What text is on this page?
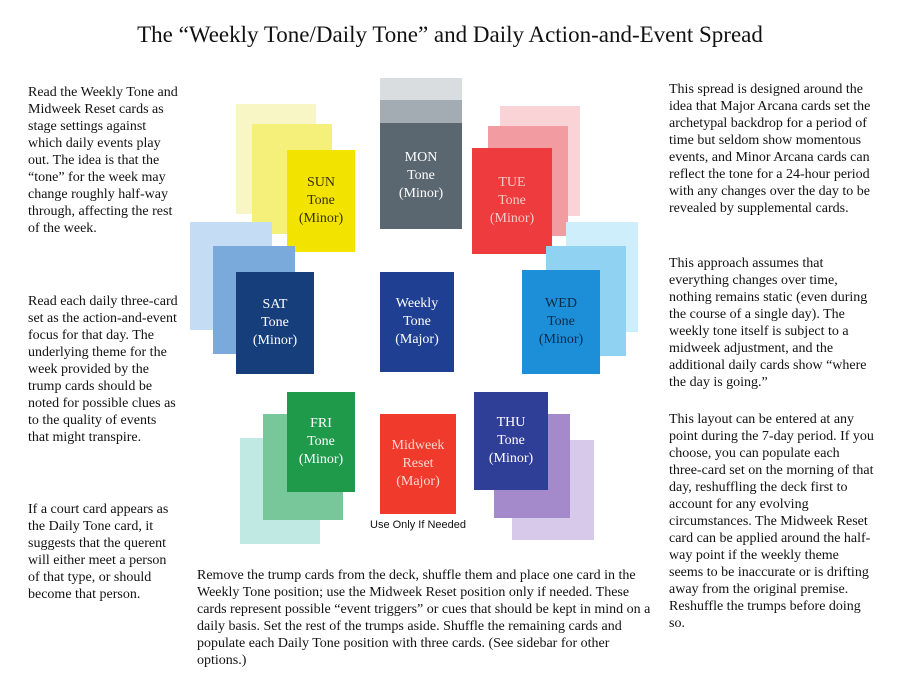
The “Weekly Tone/Daily Tone” and Daily Action-and-Event Spread

Read the Weekly Tone and Midweek Reset cards as stage settings against which daily events play out. The idea is that the “tone” for the week may change roughly half-way through, affecting the rest of the week.

Read each daily three-card set as the action-and-event focus for that day. The underlying theme for the week provided by the trump cards should be noted for possible clues as to the quality of events that might transpire.

If a court card appears as the Daily Tone card, it suggests that the querent will either meet a person of that type, or should become that person.

This spread is designed around the idea that Major Arcana cards set the archetypal backdrop for a period of time but seldom show momentous events, and Minor Arcana cards can reflect the tone for a 24-hour period with any changes over the day to be revealed by supplemental cards.

This approach assumes that everything changes over time, nothing remains static (even during the course of a single day). The weekly tone itself is subject to a midweek adjustment, and the additional daily cards show “where the day is going.”

This layout can be entered at any point during the 7-day period. If you choose, you can populate each three-card set on the morning of that day, reshuffling the deck first to account for any evolving circumstances. The Midweek Reset card can be applied around the half-way point if the weekly theme seems to be inaccurate or is drifting away from the original premise. Reshuffle the trumps before doing so.

Remove the trump cards from the deck, shuffle them and place one card in the Weekly Tone position; use the Midweek Reset position only if needed. These cards represent possible “event triggers” or cues that should be kept in mind on a daily basis. Set the rest of the trumps aside. Shuffle the remaining cards and populate each Daily Tone position with three cards. (See sidebar for other options.)

MON
Tone
(Minor)
TUE
Tone
(Minor)
SUN
Tone
(Minor)
SAT
Tone
(Minor)
Weekly
Tone
(Major)
WED
Tone
(Minor)
FRI
Tone
(Minor)
Midweek
Reset
(Major)
THU
Tone
(Minor)
Use Only If Needed
